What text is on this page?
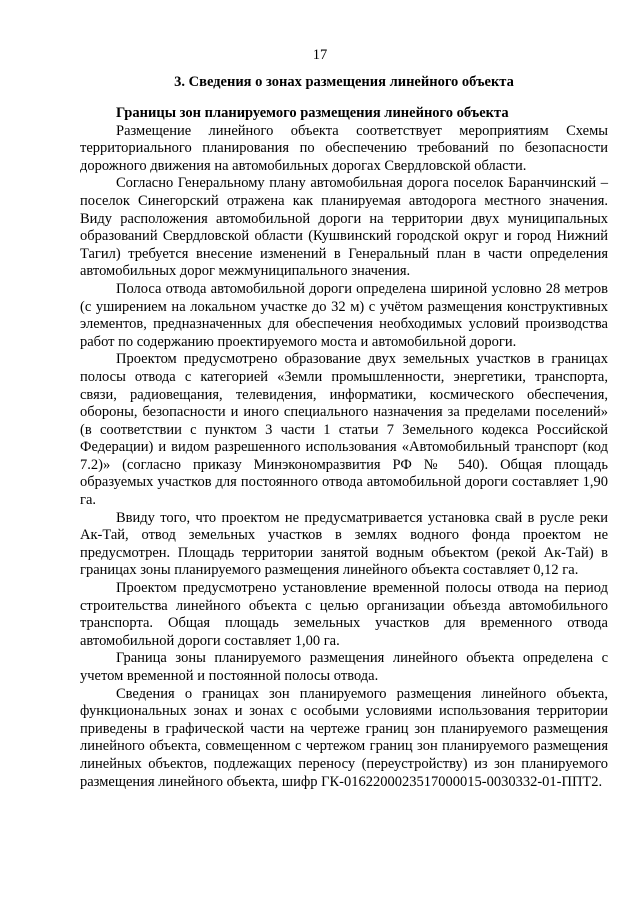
17
3. Сведения о зонах размещения линейного объекта

Границы зон планируемого размещения линейного объекта

Размещение линейного объекта соответствует мероприятиям Схемы территориального планирования по обеспечению требований по безопасности дорожного движения на автомобильных дорогах Свердловской области.

Согласно Генеральному плану автомобильная дорога поселок Баранчинский – поселок Синегорский отражена как планируемая автодорога местного значения. Виду расположения автомобильной дороги на территории двух муниципальных образований Свердловской области (Кушвинский городской округ и город Нижний Тагил) требуется внесение изменений в Генеральный план в части определения автомобильных дорог межмуниципального значения.

Полоса отвода автомобильной дороги определена шириной условно 28 метров (с уширением на локальном участке до 32 м) с учётом размещения конструктивных элементов, предназначенных для обеспечения необходимых условий производства работ по содержанию проектируемого моста и автомобильной дороги.

Проектом предусмотрено образование двух земельных участков в границах полосы отвода с категорией «Земли промышленности, энергетики, транспорта, связи, радиовещания, телевидения, информатики, космического обеспечения, обороны, безопасности и иного специального назначения за пределами поселений» (в соответствии с пунктом 3 части 1 статьи 7 Земельного кодекса Российской Федерации) и видом разрешенного использования «Автомобильный транспорт (код 7.2)» (согласно приказу Минэкономразвития РФ № 540). Общая площадь образуемых участков для постоянного отвода автомобильной дороги составляет 1,90 га.

Ввиду того, что проектом не предусматривается установка свай в русле реки Ак-Тай, отвод земельных участков в землях водного фонда проектом не предусмотрен. Площадь территории занятой водным объектом (рекой Ак-Тай) в границах зоны планируемого размещения линейного объекта составляет 0,12 га.

Проектом предусмотрено установление временной полосы отвода на период строительства линейного объекта с целью организации объезда автомобильного транспорта. Общая площадь земельных участков для временного отвода автомобильной дороги составляет 1,00 га.

Граница зоны планируемого размещения линейного объекта определена с учетом временной и постоянной полосы отвода.

Сведения о границах зон планируемого размещения линейного объекта, функциональных зонах и зонах с особыми условиями использования территории приведены в графической части на чертеже границ зон планируемого размещения линейного объекта, совмещенном с чертежом границ зон планируемого размещения линейных объектов, подлежащих переносу (переустройству) из зон планируемого размещения линейного объекта, шифр ГК-0162200023517000015-0030332-01-ППТ2.
